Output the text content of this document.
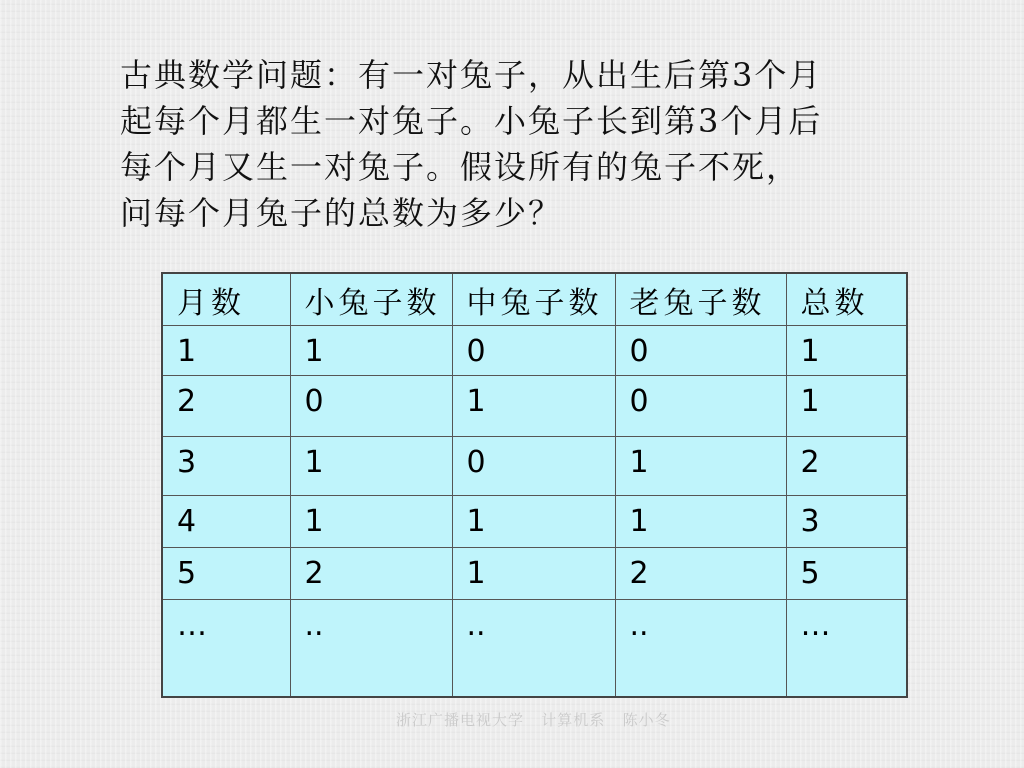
古典数学问题：有一对兔子，从出生后第3个月
起每个月都生一对兔子。小兔子长到第3个月后
每个月又生一对兔子。假设所有的兔子不死，
问每个月兔子的总数为多少？
月数	小兔子数	中兔子数	老兔子数	总数
1	1	0	0	1
2	0	1	0	1
3	1	0	1	2
4	1	1	1	3
5	2	1	2	5
…	..	..	..	…
浙江广播电视大学   计算机系   陈小冬
